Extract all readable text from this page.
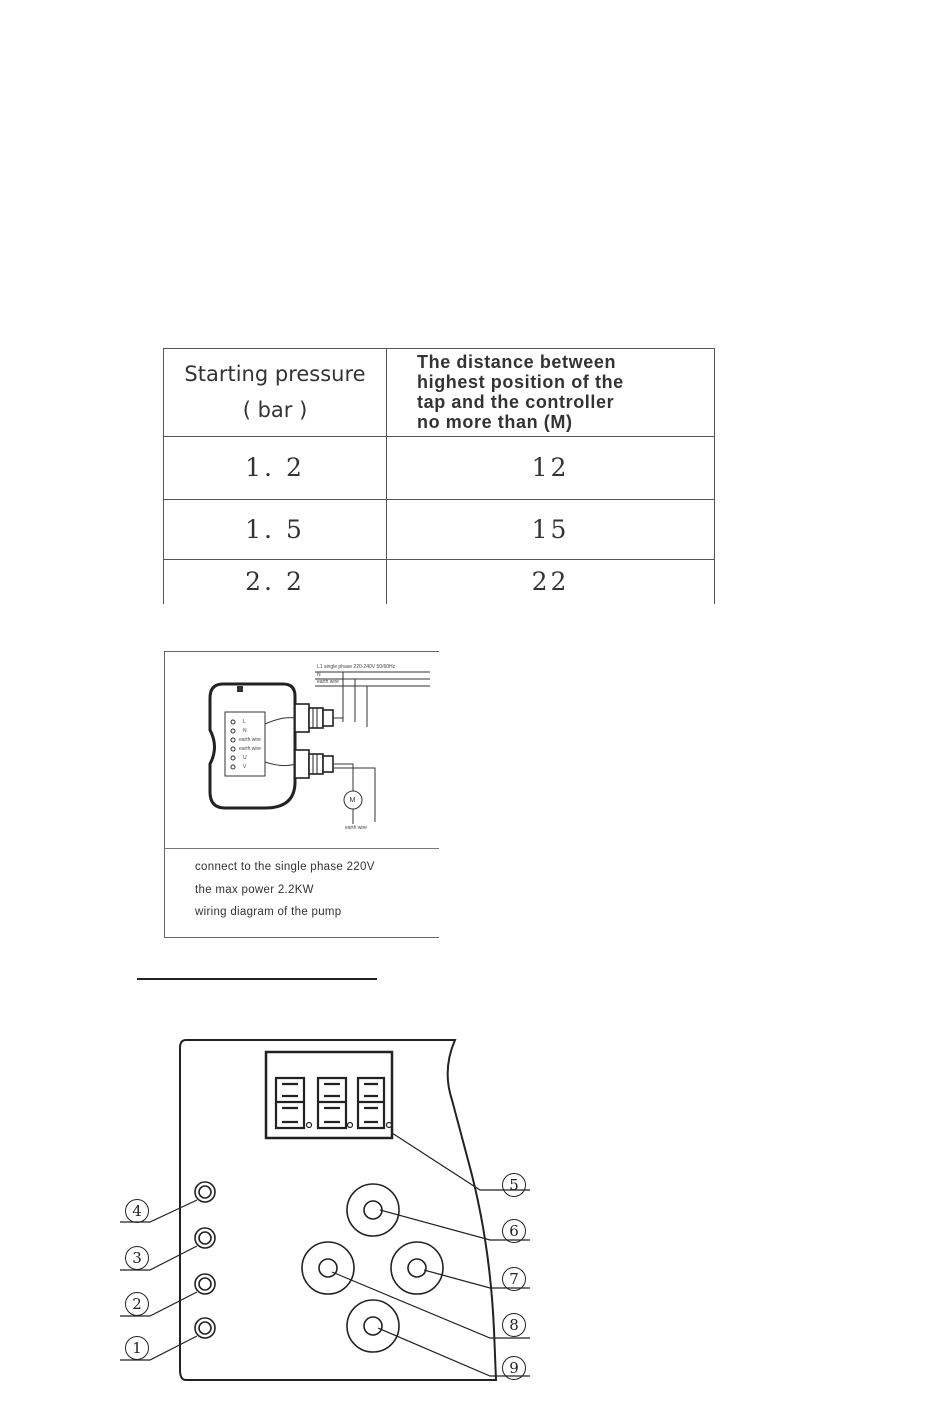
Starting pressure
( bar )	The distance between
highest position of the
tap and the controller
no more than (M)

1. 2	12
1. 5	15
2. 2	22
M
L1 single phase 220-240V 50/60Hz
N
earth wire
L
N
earth wire
earth wire
U
V
earth wire
connect to the single phase 220V
the max power 2.2KW
wiring diagram of the pump
1
2
3
4
5
6
7
8
9
